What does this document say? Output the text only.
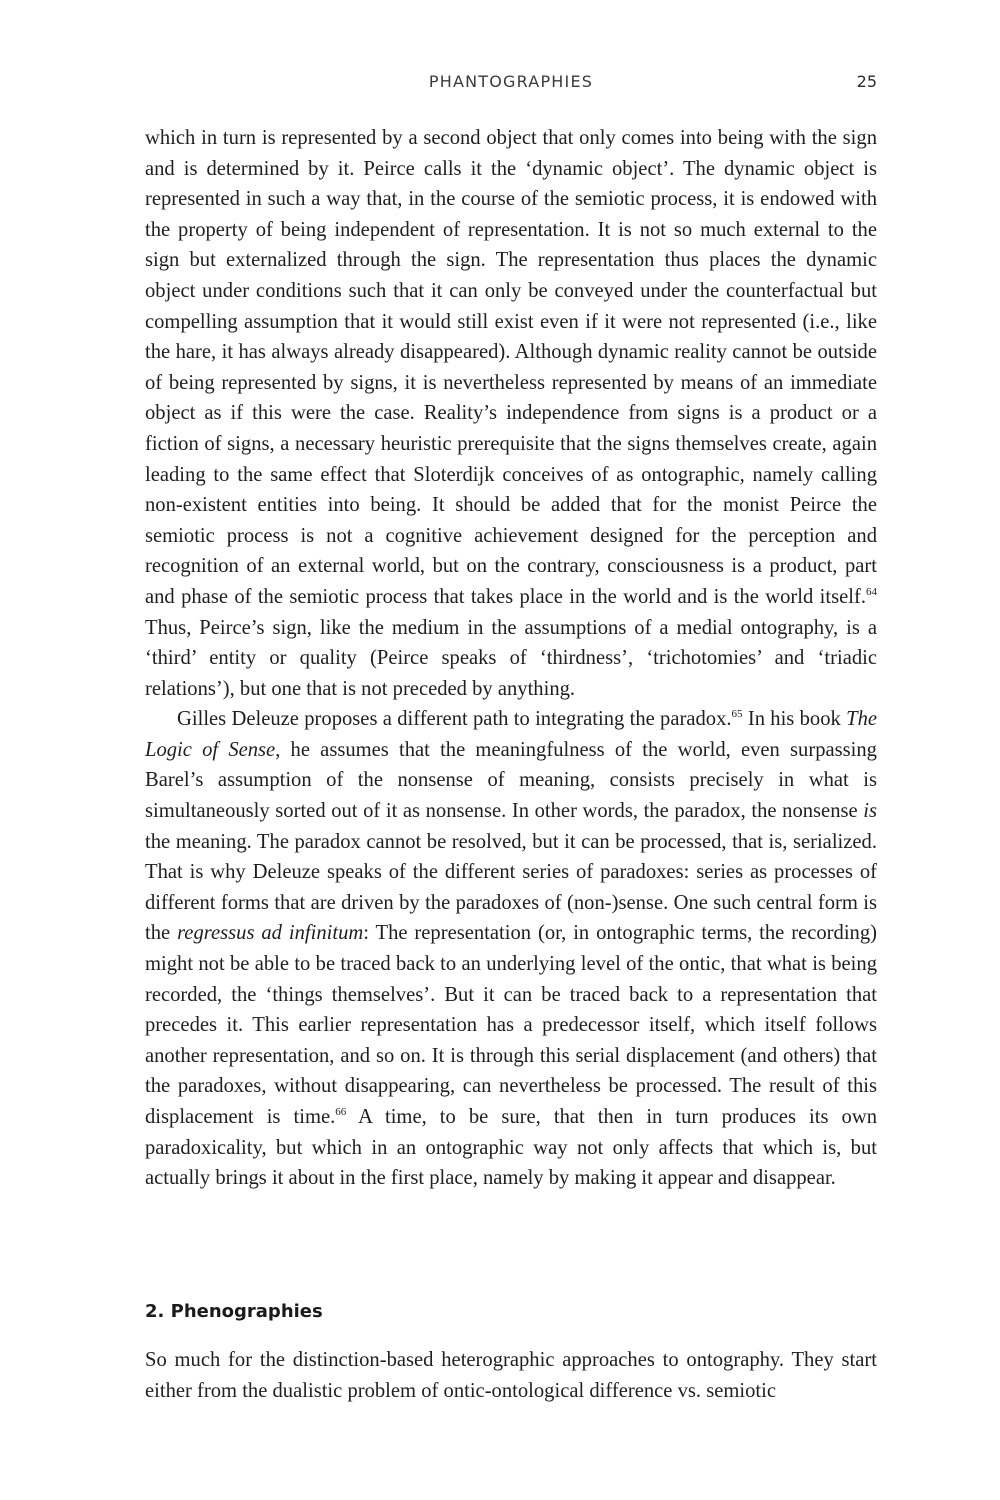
PHANTOGRAPHIES	25

which in turn is represented by a second object that only comes into being with the sign and is determined by it. Peirce calls it the ‘dynamic object’. The dynamic object is represented in such a way that, in the course of the semiotic process, it is endowed with the property of being independent of representation. It is not so much external to the sign but externalized through the sign. The representation thus places the dynamic object under conditions such that it can only be conveyed under the counterfactual but compelling assumption that it would still exist even if it were not represented (i.e., like the hare, it has always already disappeared). Although dynamic reality cannot be outside of being represented by signs, it is nevertheless represented by means of an immediate object as if this were the case. Reality’s independence from signs is a product or a fiction of signs, a necessary heuristic prerequisite that the signs themselves create, again leading to the same effect that Sloterdijk conceives of as ontographic, namely calling non-existent entities into being. It should be added that for the monist Peirce the semiotic process is not a cognitive achievement designed for the perception and recognition of an external world, but on the contrary, consciousness is a product, part and phase of the semiotic process that takes place in the world and is the world itself.$^{64}$ Thus, Peirce’s sign, like the medium in the assumptions of a medial ontography, is a ‘third’ entity or quality (Peirce speaks of ‘thirdness’, ‘trichotomies’ and ‘triadic relations’), but one that is not preceded by anything.

Gilles Deleuze proposes a different path to integrating the paradox.$^{65}$ In his book The Logic of Sense, he assumes that the meaningfulness of the world, even surpassing Barel’s assumption of the nonsense of meaning, consists precisely in what is simultaneously sorted out of it as nonsense. In other words, the paradox, the nonsense is the meaning. The paradox cannot be resolved, but it can be processed, that is, serialized. That is why Deleuze speaks of the different series of paradoxes: series as processes of different forms that are driven by the paradoxes of (non-)sense. One such central form is the regressus ad infinitum: The representation (or, in ontographic terms, the recording) might not be able to be traced back to an underlying level of the ontic, that what is being recorded, the ‘things themselves’. But it can be traced back to a representation that precedes it. This earlier representation has a predecessor itself, which itself follows another representation, and so on. It is through this serial displacement (and others) that the paradoxes, without disappearing, can nevertheless be processed. The result of this displacement is time.$^{66}$ A time, to be sure, that then in turn produces its own paradoxicality, but which in an ontographic way not only affects that which is, but actually brings it about in the first place, namely by making it appear and disappear.

2. Phenographies

So much for the distinction-based heterographic approaches to ontography. They start either from the dualistic problem of ontic-ontological difference vs. semiotic
